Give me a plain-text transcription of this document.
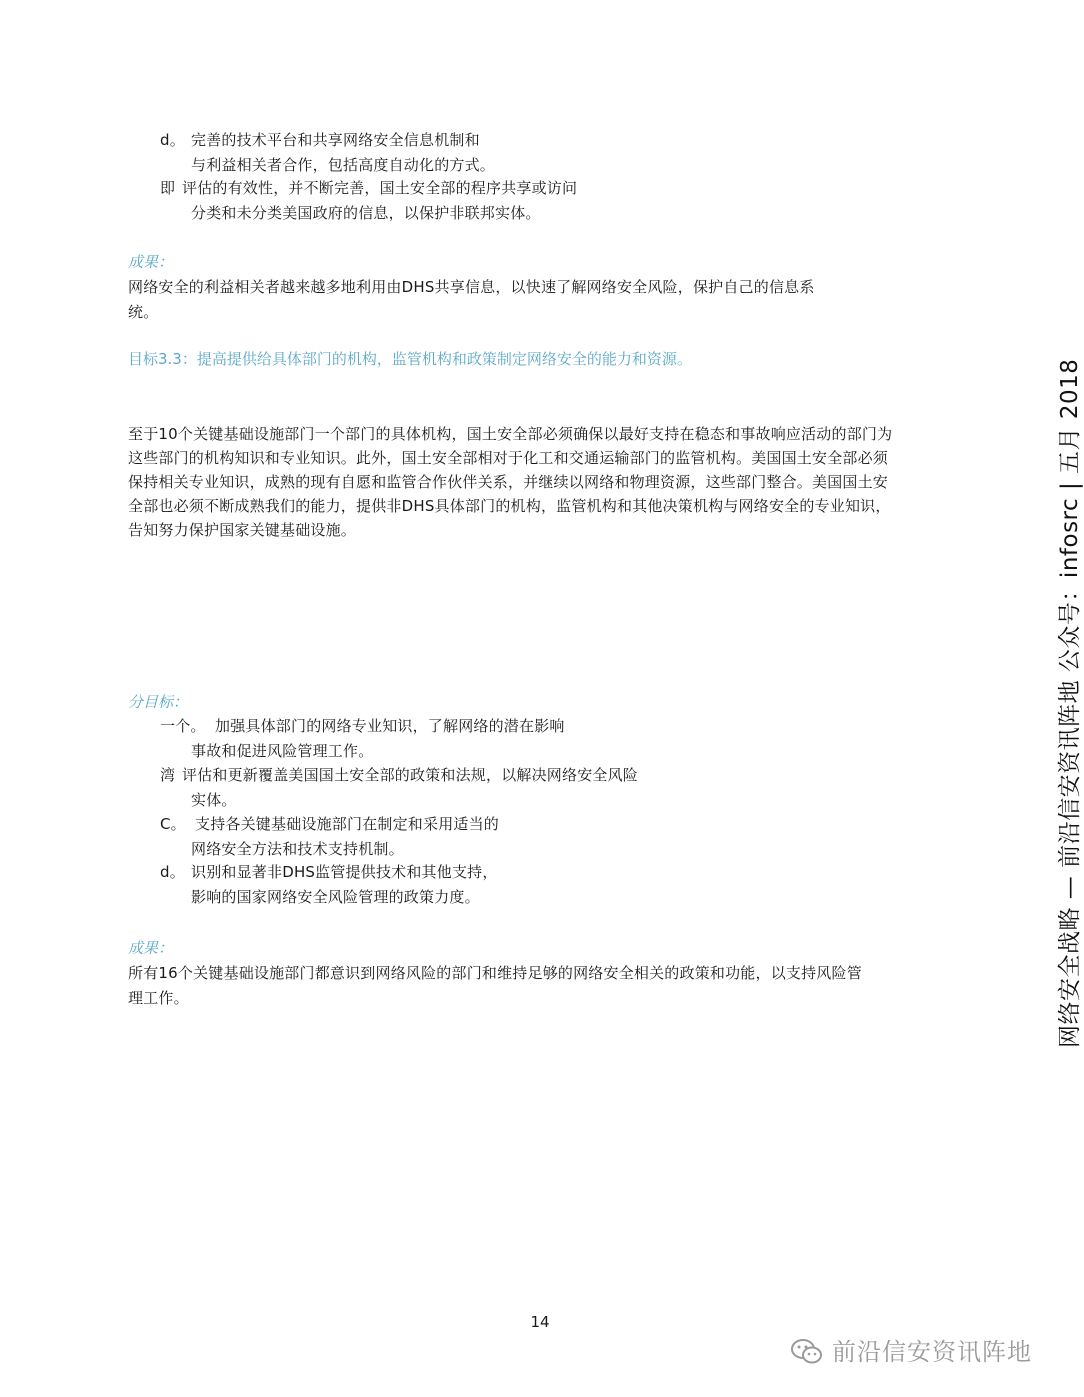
d。 完善的技术平台和共享网络安全信息机制和
与利益相关者合作，包括高度自动化的方式。
即 评估的有效性，并不断完善，国土安全部的程序共享或访问
分类和未分类美国政府的信息，以保护非联邦实体。
成果：
网络安全的利益相关者越来越多地利用由DHS共享信息，以快速了解网络安全风险，保护自己的信息系
统。
目标3.3：提高提供给具体部门的机构，监管机构和政策制定网络安全的能力和资源。
至于10个关键基础设施部门一个部门的具体机构，国土安全部必须确保以最好支持在稳态和事故响应活动的部门为
这些部门的机构知识和专业知识。此外，国土安全部相对于化工和交通运输部门的监管机构。美国国土安全部必须
保持相关专业知识，成熟的现有自愿和监管合作伙伴关系，并继续以网络和物理资源，这些部门整合。美国国土安
全部也必须不断成熟我们的能力，提供非DHS具体部门的机构，监管机构和其他决策机构与网络安全的专业知识，
告知努力保护国家关键基础设施。
分目标：
一个。 加强具体部门的网络专业知识，了解网络的潜在影响
事故和促进风险管理工作。
湾 评估和更新覆盖美国国土安全部的政策和法规，以解决网络安全风险
实体。
C。 支持各关键基础设施部门在制定和采用适当的
网络安全方法和技术支持机制。
d。 识别和显著非DHS监管提供技术和其他支持，
影响的国家网络安全风险管理的政策力度。
成果：
所有16个关键基础设施部门都意识到网络风险的部门和维持足够的网络安全相关的政策和功能，以支持风险管
理工作。
14
网络安全战略 — 前沿信安资讯阵地 公众号：infosrc | 五月 2018
前沿信安资讯阵地
